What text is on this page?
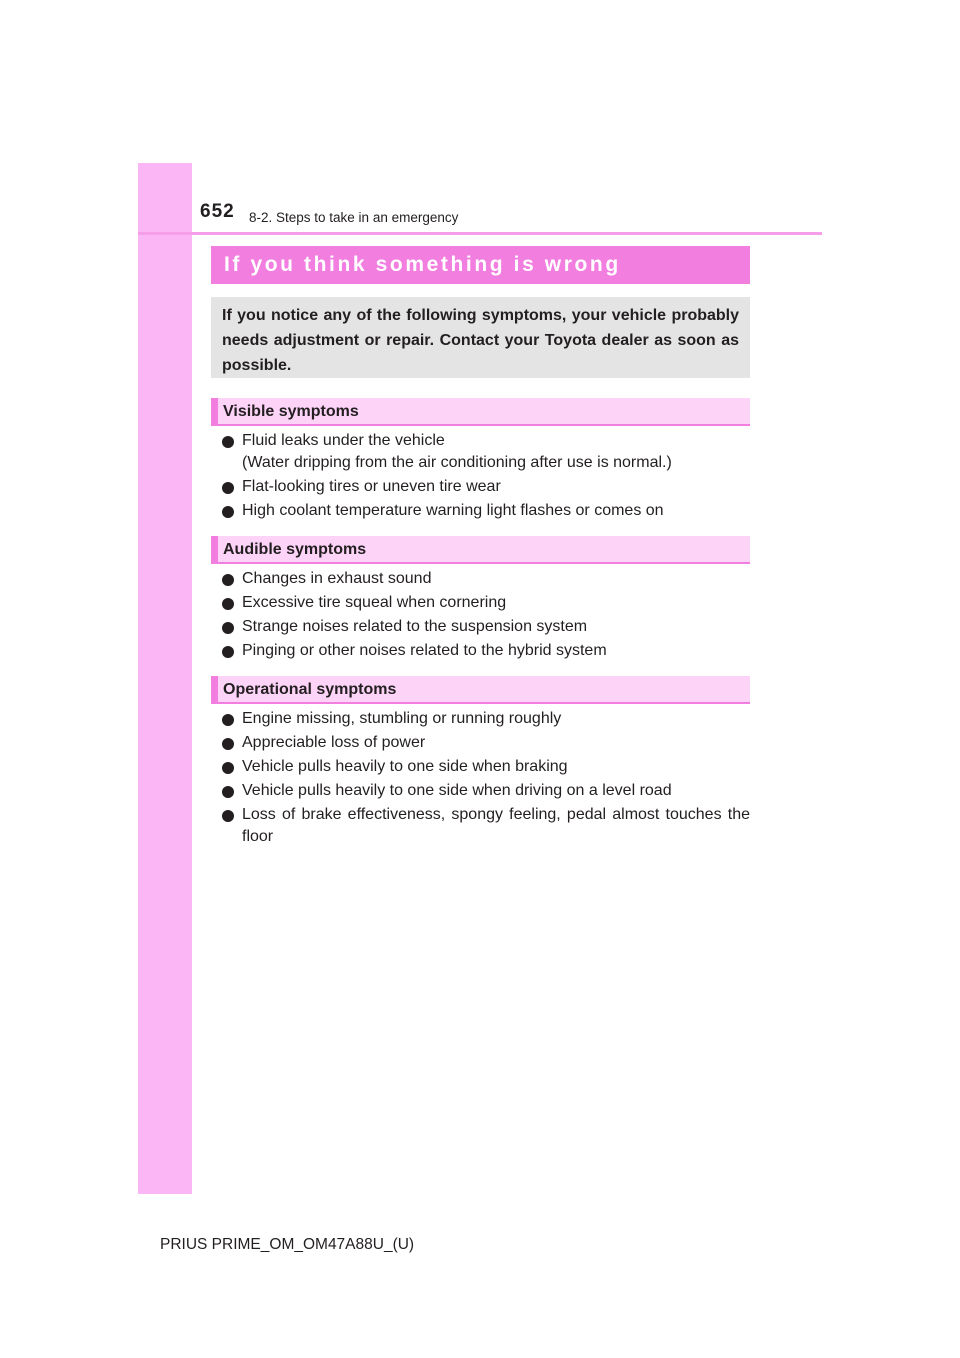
652 8-2. Steps to take in an emergency
If you think something is wrong
If you notice any of the following symptoms, your vehicle probably needs adjustment or repair. Contact your Toyota dealer as soon as possible.
Visible symptoms
Fluid leaks under the vehicle
(Water dripping from the air conditioning after use is normal.)
Flat-looking tires or uneven tire wear
High coolant temperature warning light flashes or comes on
Audible symptoms
Changes in exhaust sound
Excessive tire squeal when cornering
Strange noises related to the suspension system
Pinging or other noises related to the hybrid system
Operational symptoms
Engine missing, stumbling or running roughly
Appreciable loss of power
Vehicle pulls heavily to one side when braking
Vehicle pulls heavily to one side when driving on a level road
Loss of brake effectiveness, spongy feeling, pedal almost touches the floor
PRIUS PRIME_OM_OM47A88U_(U)
